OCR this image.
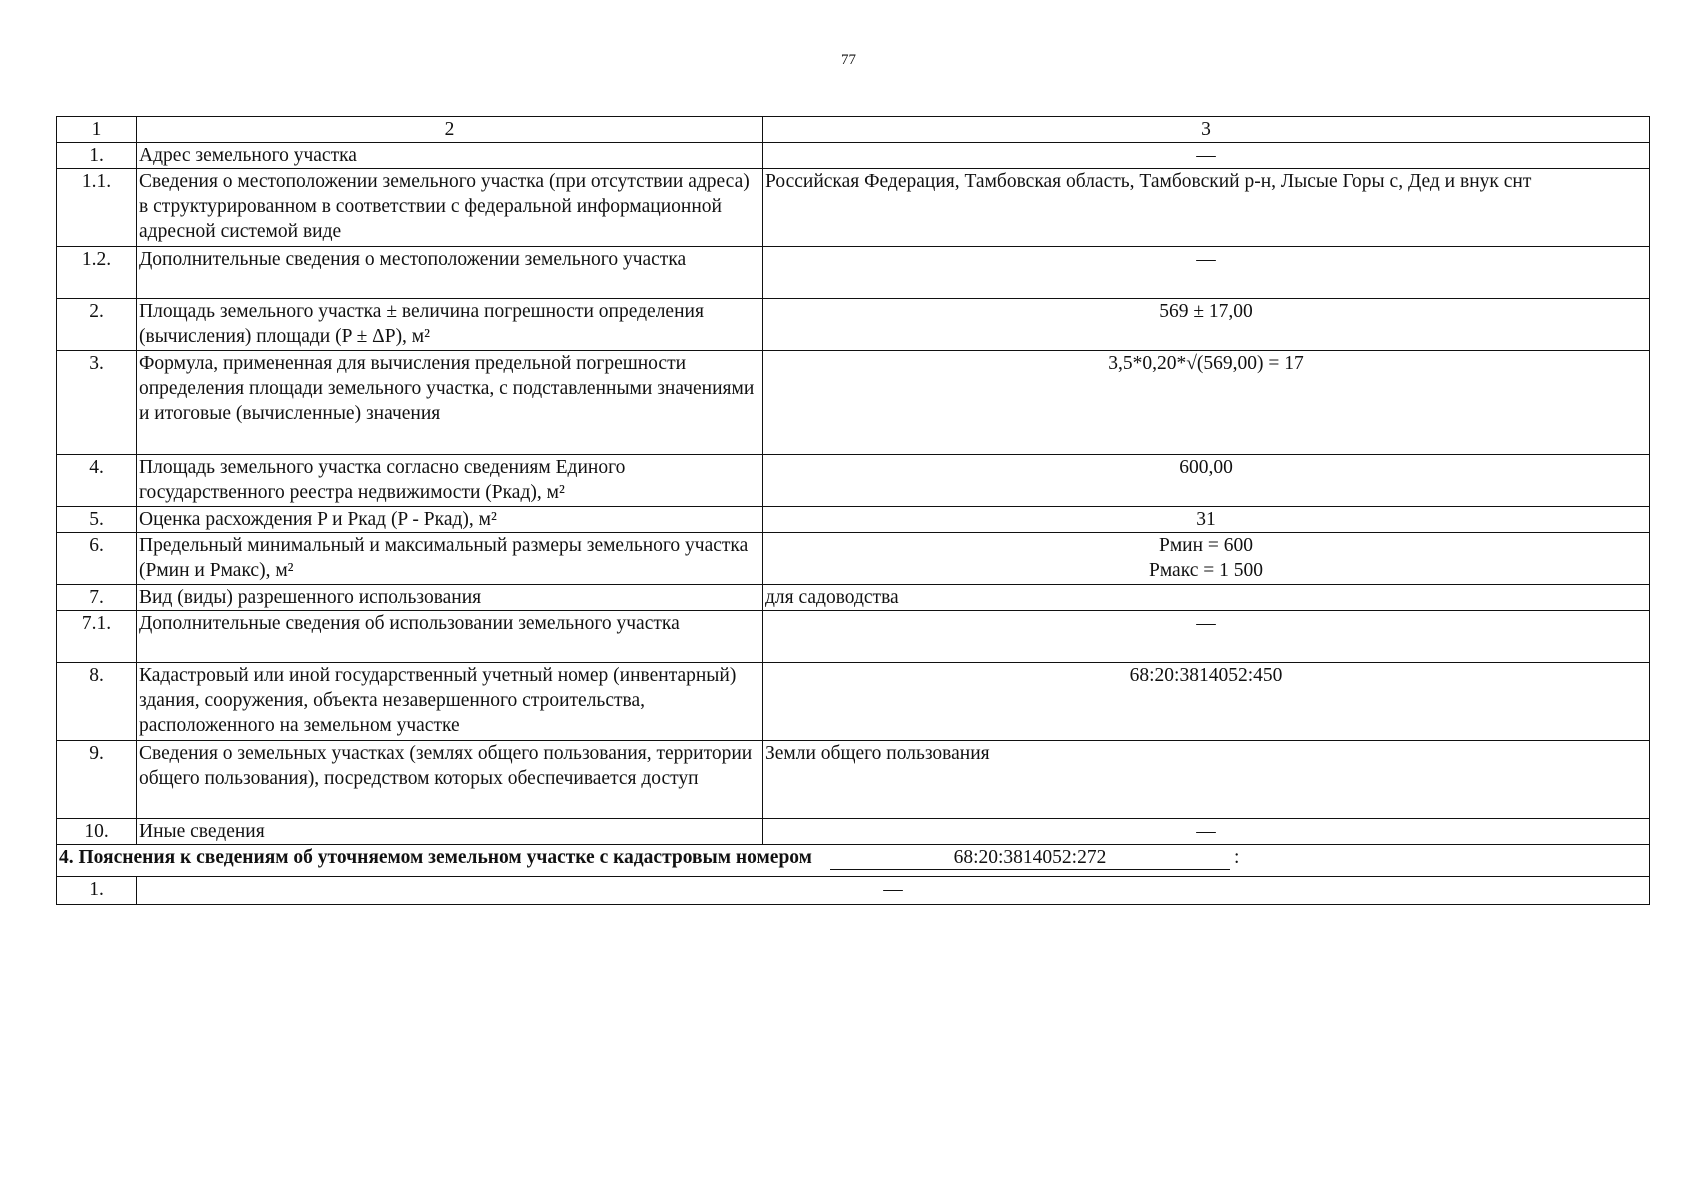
77
1	2	3
1.	Адрес земельного участка	—
1.1.	Сведения о местоположении земельного участка (при отсутствии адреса) в структурированном в соответствии с федеральной информационной адресной системой виде	Российская Федерация, Тамбовская область, Тамбовский р-н, Лысые Горы с, Дед и внук снт
1.2.	Дополнительные сведения о местоположении земельного участка	—
2.	Площадь земельного участка ± величина погрешности определения (вычисления) площади (P ± ΔP), м²	569 ± 17,00
3.	Формула, примененная для вычисления предельной погрешности определения площади земельного участка, с подставленными значениями и итоговые (вычисленные) значения	3,5*0,20*√(569,00) = 17
4.	Площадь земельного участка согласно сведениям Единого государственного реестра недвижимости (Ркад), м²	600,00
5.	Оценка расхождения P и Ркад (P - Ркад), м²	31
6.	Предельный минимальный и максимальный размеры земельного участка (Pмин и Pмакс), м²	Pмин = 600
Pмакс = 1 500

7.	Вид (виды) разрешенного использования	для садоводства
7.1.	Дополнительные сведения об использовании земельного участка	—
8.	Кадастровый или иной государственный учетный номер (инвентарный) здания, сооружения, объекта незавершенного строительства, расположенного на земельном участке	68:20:3814052:450
9.	Сведения о земельных участках (землях общего пользования, территории общего пользования), посредством которых обеспечивается доступ	Земли общего пользования
10.	Иные сведения	—
4. Пояснения к сведениям об уточняемом земельном участке с кадастровым номером 68:20:3814052:272 :		
1.	—	
